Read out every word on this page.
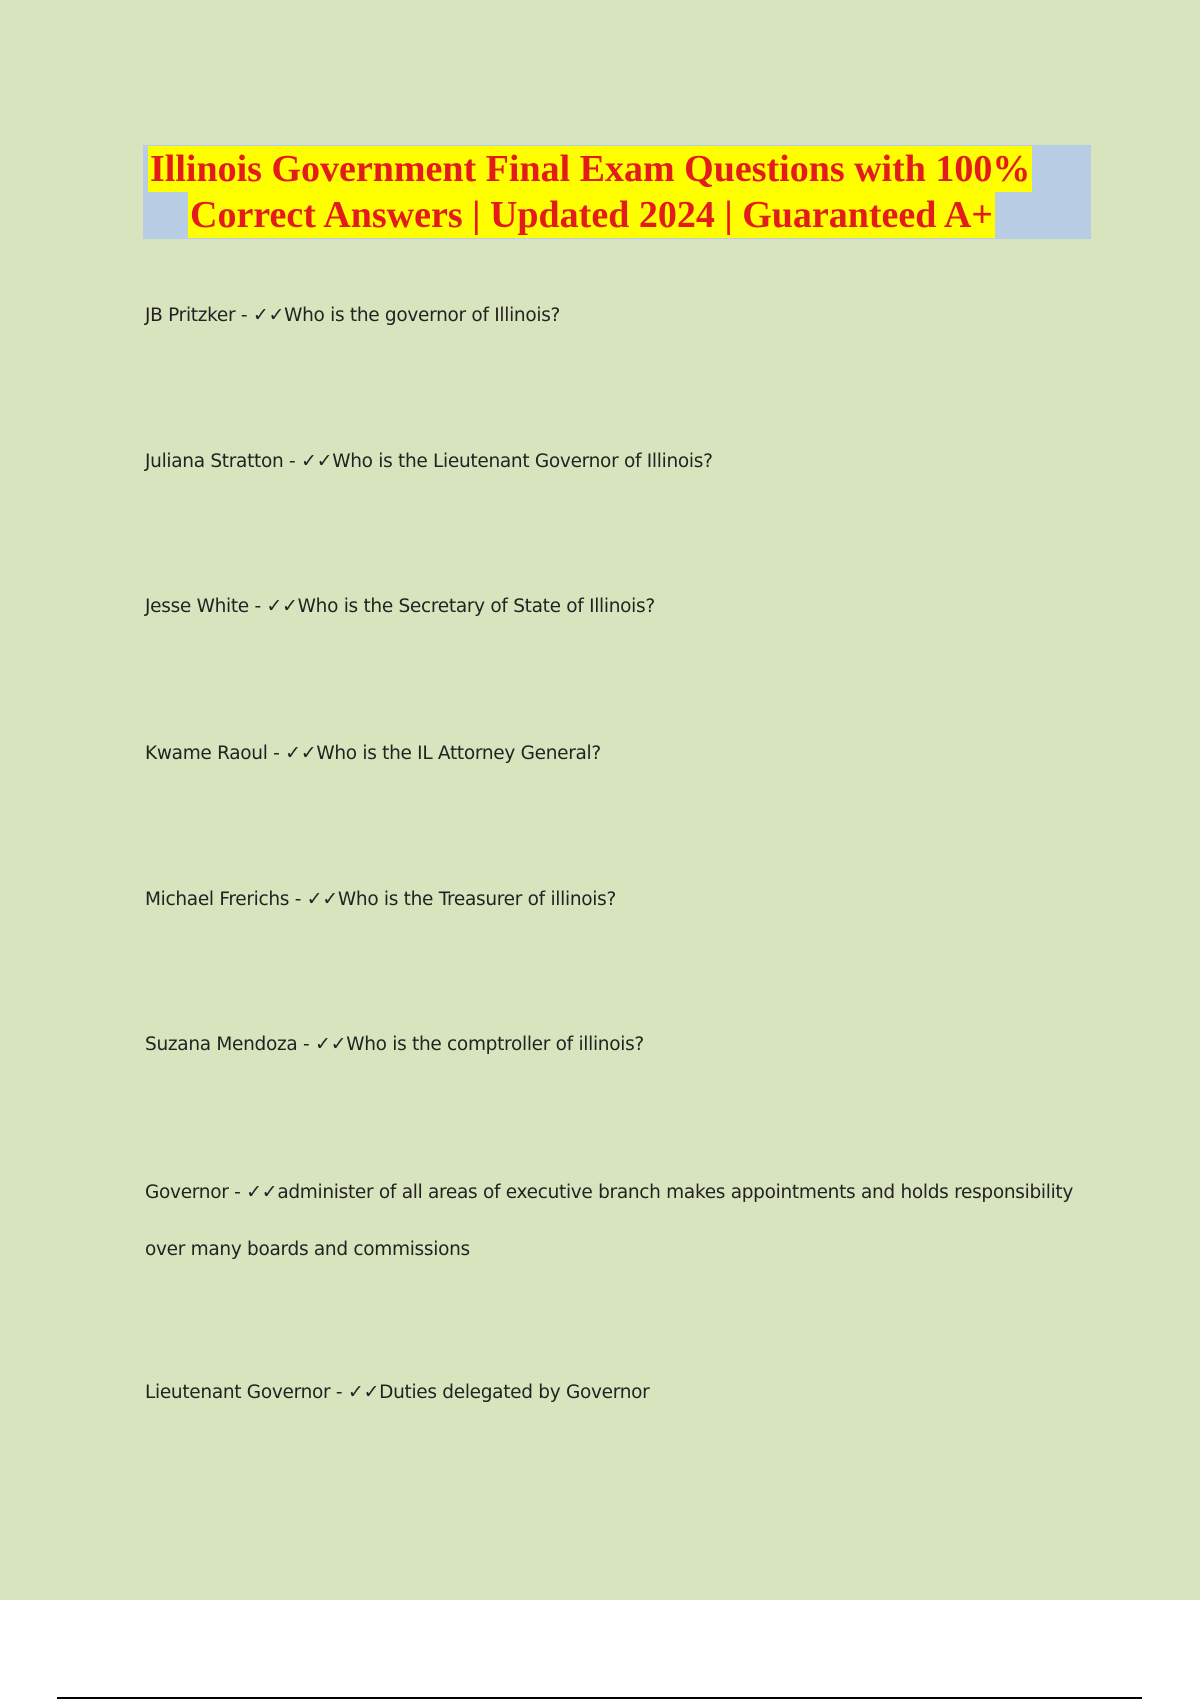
Illinois Government Final Exam Questions with 100%
Correct Answers | Updated 2024 | Guaranteed A+
JB Pritzker - ✓✓Who is the governor of Illinois?
Juliana Stratton - ✓✓Who is the Lieutenant Governor of Illinois?
Jesse White - ✓✓Who is the Secretary of State of Illinois?
Kwame Raoul - ✓✓Who is the IL Attorney General?
Michael Frerichs - ✓✓Who is the Treasurer of illinois?
Suzana Mendoza - ✓✓Who is the comptroller of illinois?
Governor - ✓✓administer of all areas of executive branch makes appointments and holds responsibility over many boards and commissions
Lieutenant Governor - ✓✓Duties delegated by Governor
